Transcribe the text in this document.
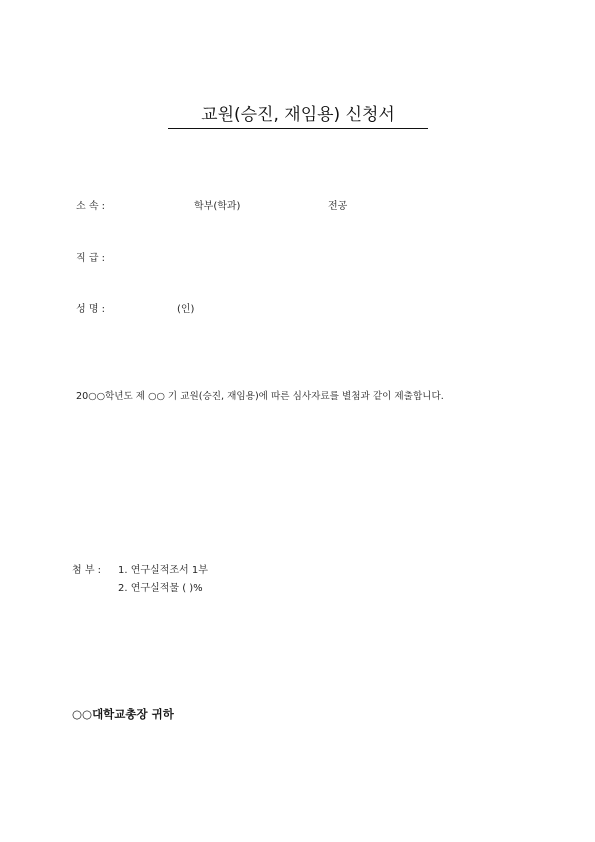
교원(승진, 재임용) 신청서
소 속 :	학부(학과)	전공
직 급 :
성 명 :	(인)
20○○학년도 제 ○○ 기 교원(승진, 재임용)에 따른 심사자료를 별첨과 같이 제출합니다.
첨 부 : 1. 연구실적조서 1부
2. 연구실적물 ( )%
○○대학교총장 귀하
